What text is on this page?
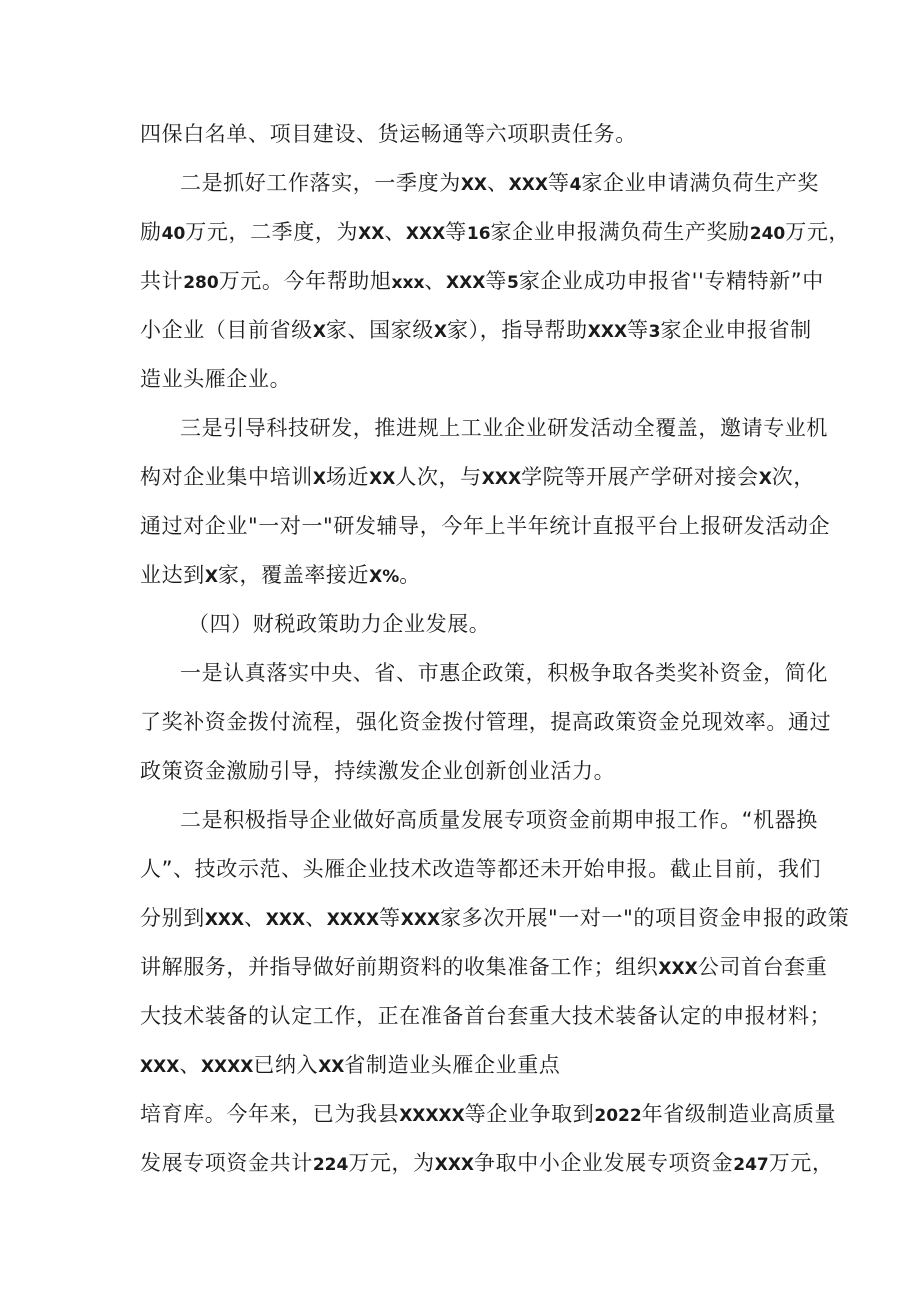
四保白名单、项目建设、货运畅通等六项职责任务。
二是抓好工作落实，一季度为XX、XXX等4家企业申请满负荷生产奖
励40万元，二季度，为XX、XXX等16家企业申报满负荷生产奖励240万元，
共计280万元。今年帮助旭xxx、XXX等5家企业成功申报省''专精特新”中
小企业（目前省级X家、国家级X家），指导帮助XXX等3家企业申报省制
造业头雁企业。
三是引导科技研发，推进规上工业企业研发活动全覆盖，邀请专业机
构对企业集中培训X场近XX人次，与XXX学院等开展产学研对接会X次，
通过对企业"一对一"研发辅导，今年上半年统计直报平台上报研发活动企
业达到X家，覆盖率接近X%。
（四）财税政策助力企业发展。
一是认真落实中央、省、市惠企政策，积极争取各类奖补资金，简化
了奖补资金拨付流程，强化资金拨付管理，提高政策资金兑现效率。通过
政策资金激励引导，持续激发企业创新创业活力。
二是积极指导企业做好高质量发展专项资金前期申报工作。“机器换
人”、技改示范、头雁企业技术改造等都还未开始申报。截止目前，我们
分别到XXX、XXX、XXXX等XXX家多次开展"一对一"的项目资金申报的政策
讲解服务，并指导做好前期资料的收集准备工作；组织XXX公司首台套重
大技术装备的认定工作，正在准备首台套重大技术装备认定的申报材料；
XXX、XXXX已纳入XX省制造业头雁企业重点
培育库。今年来，已为我县XXXXX等企业争取到2022年省级制造业高质量
发展专项资金共计224万元，为XXX争取中小企业发展专项资金247万元，
